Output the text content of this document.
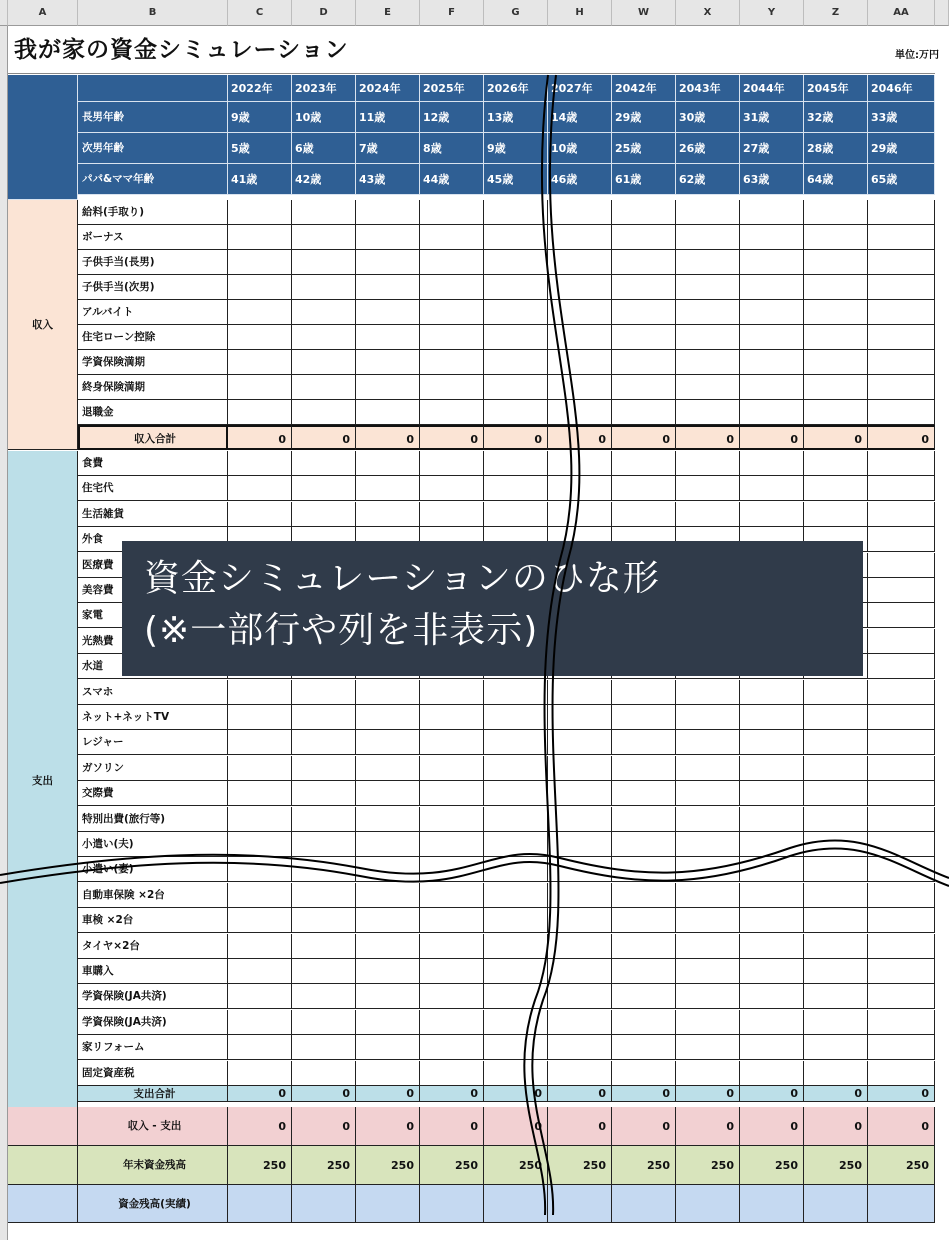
A	B	C	D	E	F	G	H	W	X	Y	Z	AA
2022年	2023年	2024年	2025年	2026年	2027年	2042年	2043年	2044年	2045年	2046年
長男年齢	9歳	10歳	11歳	12歳	13歳	14歳	29歳	30歳	31歳	32歳	33歳
次男年齢	5歳	6歳	7歳	8歳	9歳	10歳	25歳	26歳	27歳	28歳	29歳
パパ&ママ年齢	41歳	42歳	43歳	44歳	45歳	46歳	61歳	62歳	63歳	64歳	65歳
収入
給料(手取り)
ボーナス
子供手当(長男)
子供手当(次男)
アルバイト
住宅ローン控除
学資保険満期
終身保険満期
退職金
収入合計	0	0	0	0	0	0	0	0	0	0	0
支出
食費
住宅代
生活雑貨
外食
医療費
美容費
家電
光熱費
水道
スマホ
ネット+ネットTV
レジャー
ガソリン
交際費
特別出費(旅行等)
小遣い(夫)
小遣い(妻)
自動車保険 ×2台
車検 ×2台
タイヤ×2台
車購入
学資保険(JA共済)
学資保険(JA共済)
家リフォーム
固定資産税
支出合計	0	0	0	0	0	0	0	0	0	0	0
収入 - 支出	0	0	0	0	0	0	0	0	0	0	0
年末資金残高	250	250	250	250	250	250	250	250	250	250	250
資金残高(実績)
我が家の資金シミュレーション	単位:万円
資金シミュレーションのひな形
(※一部行や列を非表示)
